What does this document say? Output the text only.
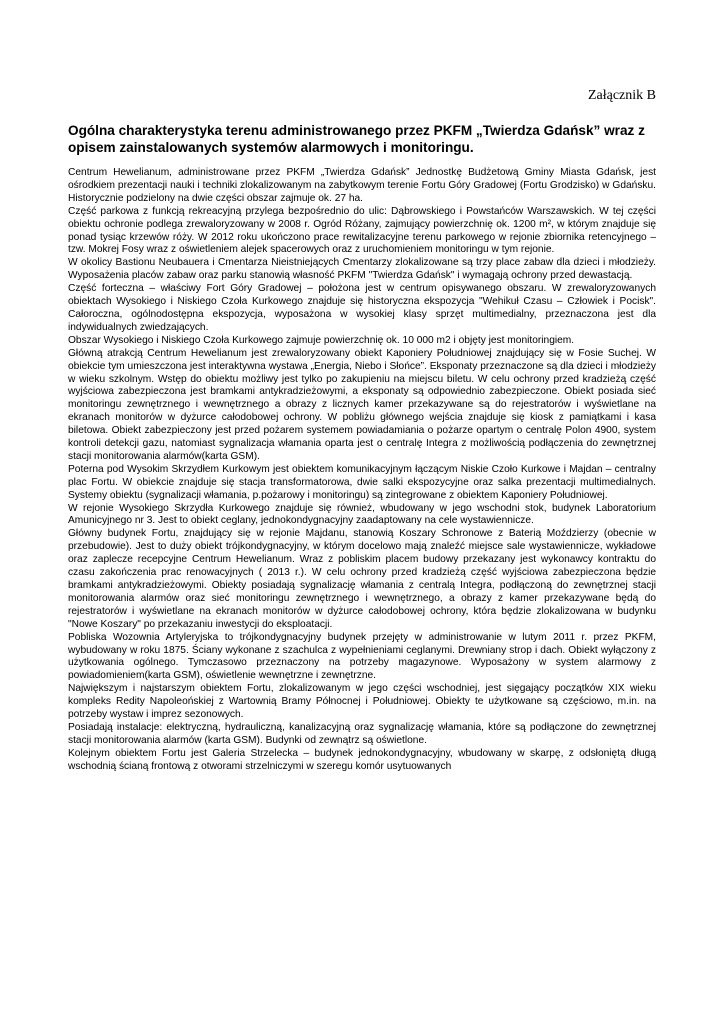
Załącznik B

Ogólna charakterystyka terenu administrowanego przez PKFM „Twierdza Gdańsk” wraz z opisem zainstalowanych systemów alarmowych i monitoringu.

Centrum Hewelianum, administrowane przez PKFM „Twierdza Gdańsk” Jednostkę Budżetową Gminy Miasta Gdańsk, jest ośrodkiem prezentacji nauki i techniki zlokalizowanym na zabytkowym terenie Fortu Góry Gradowej (Fortu Grodzisko) w Gdańsku. Historycznie podzielony na dwie części obszar zajmuje ok. 27 ha.

Część parkowa z funkcją rekreacyjną przylega bezpośrednio do ulic: Dąbrowskiego i Powstańców Warszawskich. W tej części obiektu ochronie podlega zrewaloryzowany w 2008 r. Ogród Różany, zajmujący powierzchnię ok. 1200 m², w którym znajduje się ponad tysiąc krzewów róży. W 2012 roku ukończono prace rewitalizacyjne terenu parkowego w rejonie zbiornika retencyjnego – tzw. Mokrej Fosy wraz z oświetleniem alejek spacerowych oraz z uruchomieniem monitoringu w tym rejonie.

W okolicy Bastionu Neubauera i Cmentarza Nieistniejących Cmentarzy zlokalizowane są trzy place zabaw dla dzieci i młodzieży. Wyposażenia placów zabaw oraz parku stanowią własność PKFM "Twierdza Gdańsk" i wymagają ochrony przed dewastacją.

Część forteczna – właściwy Fort Góry Gradowej – położona jest w centrum opisywanego obszaru. W zrewaloryzowanych obiektach Wysokiego i Niskiego Czoła Kurkowego znajduje się historyczna ekspozycja "Wehikuł Czasu – Człowiek i Pocisk". Całoroczna, ogólnodostępna ekspozycja, wyposażona w wysokiej klasy sprzęt multimedialny, przeznaczona jest dla indywidualnych zwiedzających.

Obszar Wysokiego i Niskiego Czoła Kurkowego zajmuje powierzchnię ok. 10 000 m2 i objęty jest monitoringiem.

Główną atrakcją Centrum Hewelianum jest zrewaloryzowany obiekt Kaponiery Południowej znajdujący się w Fosie Suchej. W obiekcie tym umieszczona jest interaktywna wystawa „Energia, Niebo i Słońce”. Eksponaty przeznaczone są dla dzieci i młodzieży w wieku szkolnym. Wstęp do obiektu możliwy jest tylko po zakupieniu na miejscu biletu. W celu ochrony przed kradzieżą część wyjściowa zabezpieczona jest bramkami antykradzieżowymi, a eksponaty są odpowiednio zabezpieczone. Obiekt posiada sieć monitoringu zewnętrznego i wewnętrznego a obrazy z licznych kamer przekazywane są do rejestratorów i wyświetlane na ekranach monitorów w dyżurce całodobowej ochrony. W pobliżu głównego wejścia znajduje się kiosk z pamiątkami i kasa biletowa. Obiekt zabezpieczony jest przed pożarem systemem powiadamiania o pożarze opartym o centralę Polon 4900, system kontroli detekcji gazu, natomiast sygnalizacja włamania oparta jest o centralę Integra z możliwością podłączenia do zewnętrznej stacji monitorowania alarmów(karta GSM).

Poterna pod Wysokim Skrzydłem Kurkowym jest obiektem komunikacyjnym łączącym Niskie Czoło Kurkowe i Majdan – centralny plac Fortu. W obiekcie znajduje się stacja transformatorowa, dwie salki ekspozycyjne oraz salka prezentacji multimedialnych. Systemy obiektu (sygnalizacji włamania, p.pożarowy i monitoringu) są zintegrowane z obiektem Kaponiery Południowej.

W rejonie Wysokiego Skrzydła Kurkowego znajduje się również, wbudowany w jego wschodni stok, budynek Laboratorium Amunicyjnego nr 3. Jest to obiekt ceglany, jednokondygnacyjny zaadaptowany na cele wystawiennicze.

Główny budynek Fortu, znajdujący się w rejonie Majdanu, stanowią Koszary Schronowe z Baterią Moździerzy (obecnie w przebudowie). Jest to duży obiekt trójkondygnacyjny, w którym docelowo mają znaleźć miejsce sale wystawiennicze, wykładowe oraz zaplecze recepcyjne Centrum Hewelianum. Wraz z pobliskim placem budowy przekazany jest wykonawcy kontraktu do czasu zakończenia prac renowacyjnych ( 2013 r.). W celu ochrony przed kradzieżą część wyjściowa zabezpieczona będzie bramkami antykradzieżowymi. Obiekty posiadają sygnalizację włamania z centralą Integra, podłączoną do zewnętrznej stacji monitorowania alarmów oraz sieć monitoringu zewnętrznego i wewnętrznego, a obrazy z kamer przekazywane będą do rejestratorów i wyświetlane na ekranach monitorów w dyżurce całodobowej ochrony, która będzie zlokalizowana w budynku "Nowe Koszary" po przekazaniu inwestycji do eksploatacji.

Pobliska Wozownia Artyleryjska to trójkondygnacyjny budynek przejęty w administrowanie w lutym 2011 r. przez PKFM, wybudowany w roku 1875. Ściany wykonane z szachulca z wypełnieniami ceglanymi. Drewniany strop i dach. Obiekt wyłączony z użytkowania ogólnego. Tymczasowo przeznaczony na potrzeby magazynowe. Wyposażony w system alarmowy z powiadomieniem(karta GSM), oświetlenie wewnętrzne i zewnętrzne.

Największym i najstarszym obiektem Fortu, zlokalizowanym w jego części wschodniej, jest sięgający początków XIX wieku kompleks Redity Napoleońskiej z Wartownią Bramy Północnej i Południowej. Obiekty te użytkowane są częściowo, m.in. na potrzeby wystaw i imprez sezonowych.

Posiadają instalacje: elektryczną, hydrauliczną, kanalizacyjną oraz sygnalizację włamania, które są podłączone do zewnętrznej stacji monitorowania alarmów (karta GSM). Budynki od zewnątrz są oświetlone.

Kolejnym obiektem Fortu jest Galeria Strzelecka – budynek jednokondygnacyjny, wbudowany w skarpę, z odsłoniętą długą wschodnią ścianą frontową z otworami strzelniczymi w szeregu komór usytuowanych
